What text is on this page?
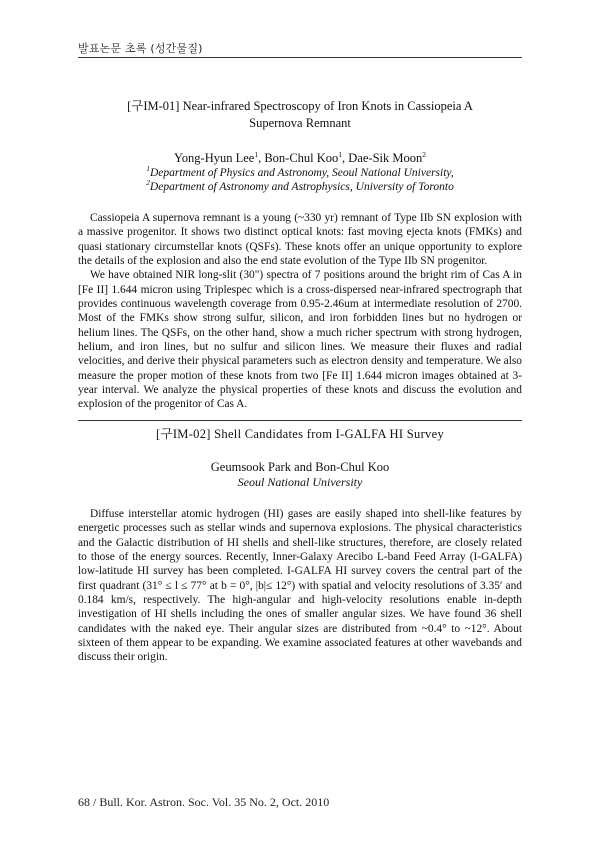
발표논문 초록 (성간물질)
[구IM-01] Near-infrared Spectroscopy of Iron Knots in Cassiopeia A
Supernova Remnant
Yong-Hyun Lee$^1$, Bon-Chul Koo$^1$, Dae-Sik Moon$^2$
$^1$Department of Physics and Astronomy, Seoul National University,
$^2$Department of Astronomy and Astrophysics, University of Toronto

Cassiopeia A supernova remnant is a young (~330 yr) remnant of Type IIb SN explosion with a massive progenitor. It shows two distinct optical knots: fast moving ejecta knots (FMKs) and quasi stationary circumstellar knots (QSFs). These knots offer an unique opportunity to explore the details of the explosion and also the end state evolution of the Type IIb SN progenitor.

We have obtained NIR long-slit (30") spectra of 7 positions around the bright rim of Cas A in [Fe II] 1.644 micron using Triplespec which is a cross-dispersed near-infrared spectrograph that provides continuous wavelength coverage from 0.95-2.46um at intermediate resolution of 2700. Most of the FMKs show strong sulfur, silicon, and iron forbidden lines but no hydrogen or helium lines. The QSFs, on the other hand, show a much richer spectrum with strong hydrogen, helium, and iron lines, but no sulfur and silicon lines. We measure their fluxes and radial velocities, and derive their physical parameters such as electron density and temperature. We also measure the proper motion of these knots from two [Fe II] 1.644 micron images obtained at 3-year interval. We analyze the physical properties of these knots and discuss the evolution and explosion of the progenitor of Cas A.

[구IM-02] Shell Candidates from I-GALFA HI Survey
Geumsook Park and Bon-Chul Koo
Seoul National University

Diffuse interstellar atomic hydrogen (HI) gases are easily shaped into shell-like features by energetic processes such as stellar winds and supernova explosions. The physical characteristics and the Galactic distribution of HI shells and shell-like structures, therefore, are closely related to those of the energy sources. Recently, Inner-Galaxy Arecibo L-band Feed Array (I-GALFA) low-latitude HI survey has been completed. I-GALFA HI survey covers the central part of the first quadrant (31° ≤ l ≤ 77° at b = 0°, |b|≤ 12°) with spatial and velocity resolutions of 3.35′ and 0.184 km/s, respectively. The high-angular and high-velocity resolutions enable in-depth investigation of HI shells including the ones of smaller angular sizes. We have found 36 shell candidates with the naked eye. Their angular sizes are distributed from ~0.4° to ~12°. About sixteen of them appear to be expanding. We examine associated features at other wavebands and discuss their origin.

68 / Bull. Kor. Astron. Soc. Vol. 35 No. 2, Oct. 2010
